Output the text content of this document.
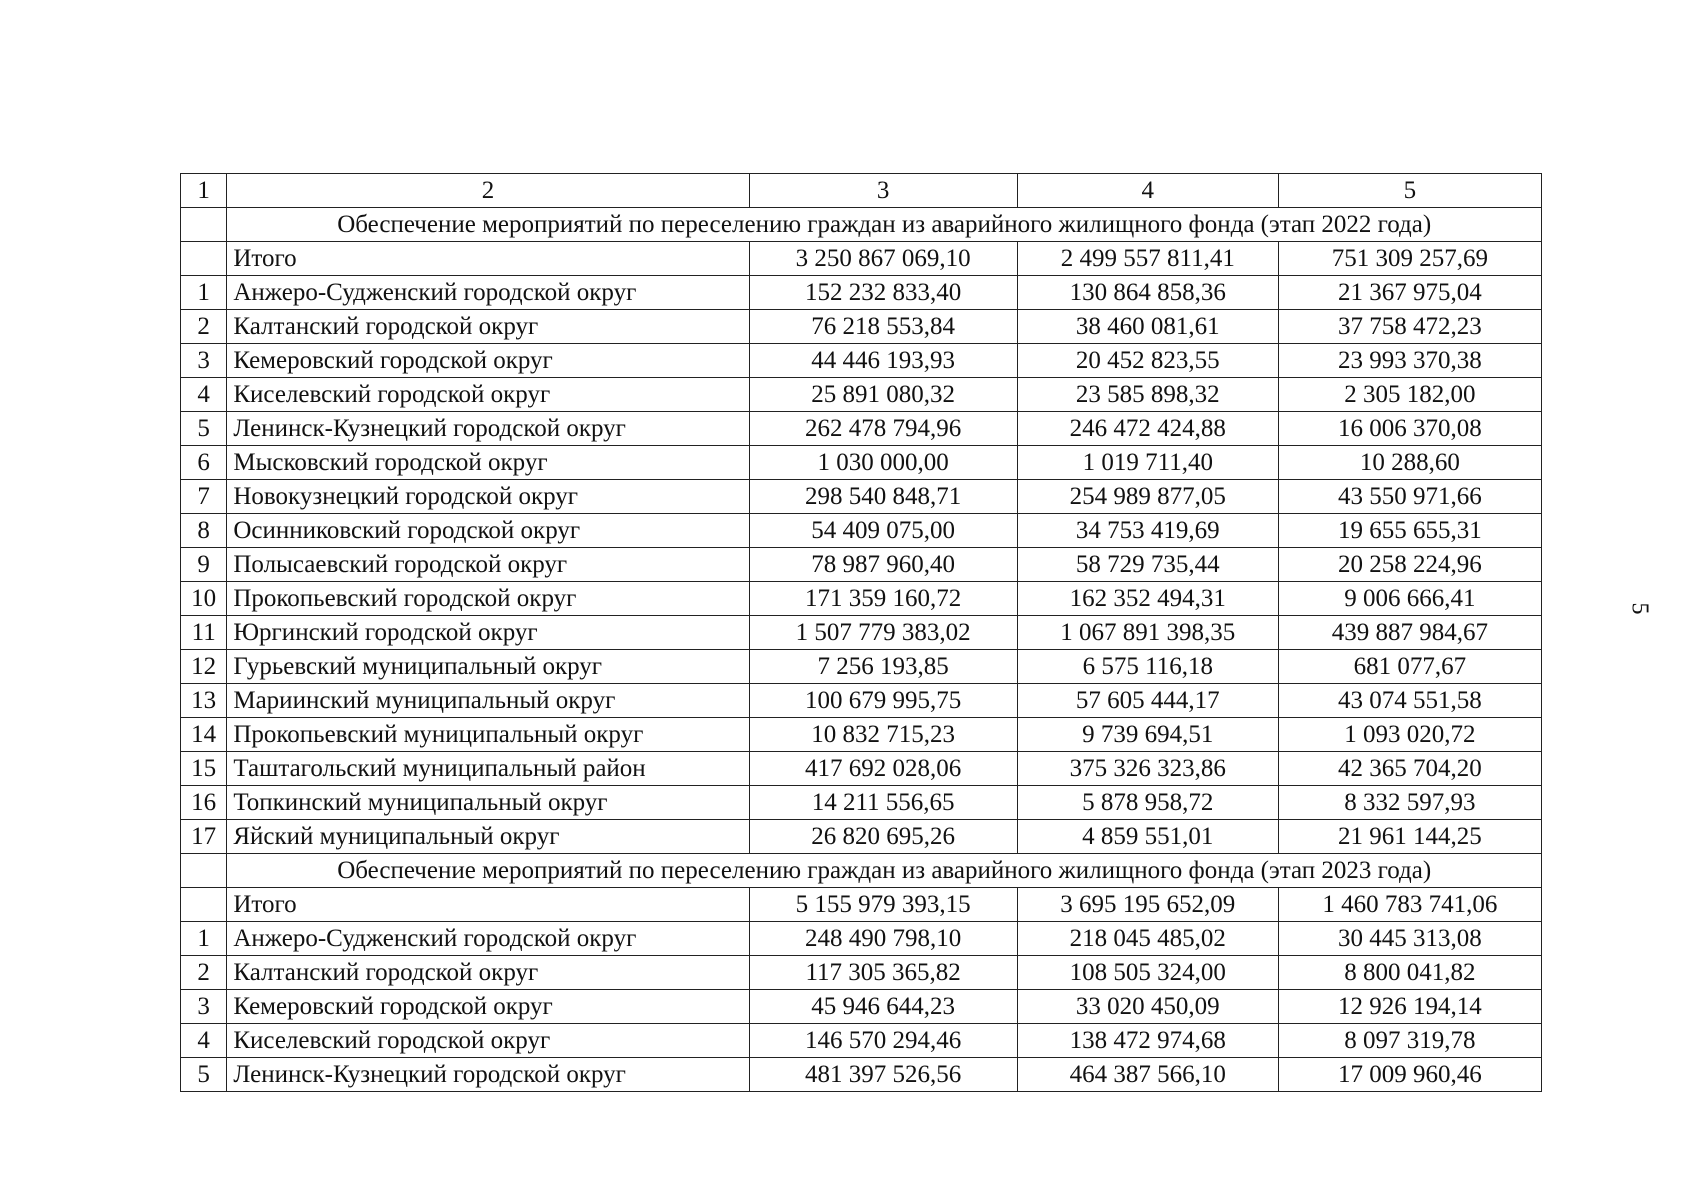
1	2	3	4	5
	Обеспечение мероприятий по переселению граждан из аварийного жилищного фонда (этап 2022 года)			
	Итого	3 250 867 069,10	2 499 557 811,41	751 309 257,69
1	Анжеро-Судженский городской округ	152 232 833,40	130 864 858,36	21 367 975,04
2	Калтанский городской округ	76 218 553,84	38 460 081,61	37 758 472,23
3	Кемеровский городской округ	44 446 193,93	20 452 823,55	23 993 370,38
4	Киселевский городской округ	25 891 080,32	23 585 898,32	2 305 182,00
5	Ленинск-Кузнецкий городской округ	262 478 794,96	246 472 424,88	16 006 370,08
6	Мысковский городской округ	1 030 000,00	1 019 711,40	10 288,60
7	Новокузнецкий городской округ	298 540 848,71	254 989 877,05	43 550 971,66
8	Осинниковский городской округ	54 409 075,00	34 753 419,69	19 655 655,31
9	Полысаевский городской округ	78 987 960,40	58 729 735,44	20 258 224,96
10	Прокопьевский городской округ	171 359 160,72	162 352 494,31	9 006 666,41
11	Юргинский городской округ	1 507 779 383,02	1 067 891 398,35	439 887 984,67
12	Гурьевский муниципальный округ	7 256 193,85	6 575 116,18	681 077,67
13	Мариинский муниципальный округ	100 679 995,75	57 605 444,17	43 074 551,58
14	Прокопьевский муниципальный округ	10 832 715,23	9 739 694,51	1 093 020,72
15	Таштагольский муниципальный район	417 692 028,06	375 326 323,86	42 365 704,20
16	Топкинский муниципальный округ	14 211 556,65	5 878 958,72	8 332 597,93
17	Яйский муниципальный округ	26 820 695,26	4 859 551,01	21 961 144,25
	Обеспечение мероприятий по переселению граждан из аварийного жилищного фонда (этап 2023 года)			
	Итого	5 155 979 393,15	3 695 195 652,09	1 460 783 741,06
1	Анжеро-Судженский городской округ	248 490 798,10	218 045 485,02	30 445 313,08
2	Калтанский городской округ	117 305 365,82	108 505 324,00	8 800 041,82
3	Кемеровский городской округ	45 946 644,23	33 020 450,09	12 926 194,14
4	Киселевский городской округ	146 570 294,46	138 472 974,68	8 097 319,78
5	Ленинск-Кузнецкий городской округ	481 397 526,56	464 387 566,10	17 009 960,46
5
